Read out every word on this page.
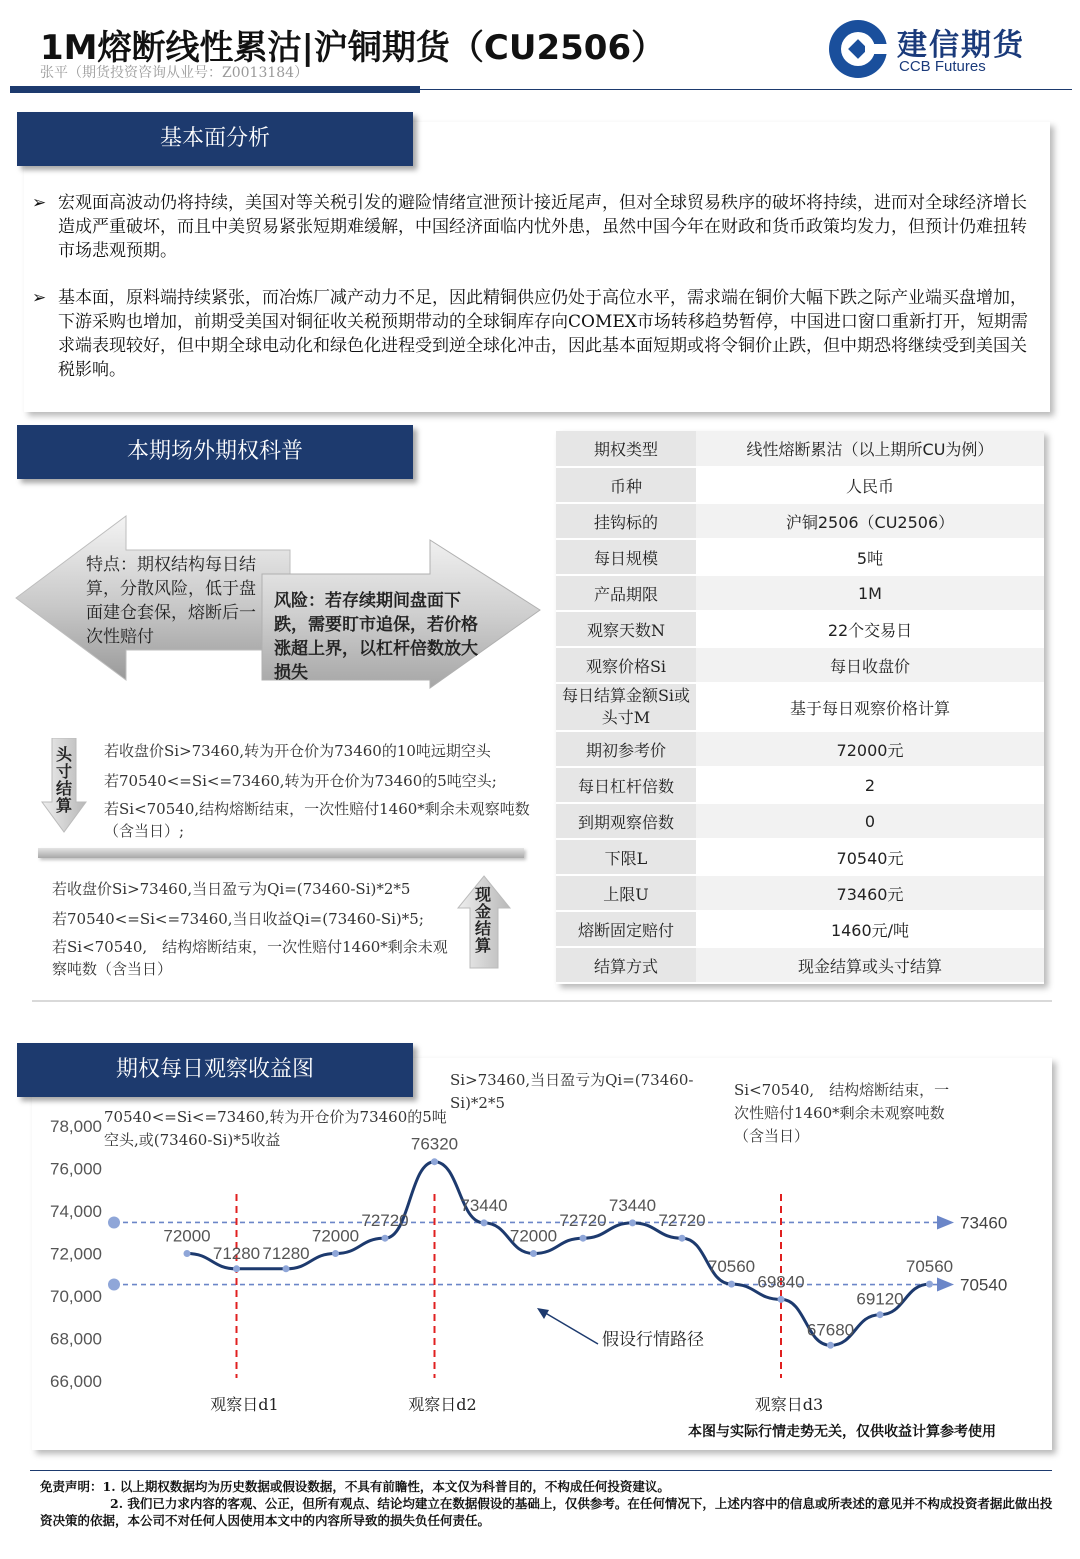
1M熔断线性累沽|沪铜期货（CU2506）
张平（期货投资咨询从业号：Z0013184）
建信期货
CCB Futures
基本面分析
➢ 宏观面高波动仍将持续，美国对等关税引发的避险情绪宣泄预计接近尾声，但对全球贸易秩序的破坏将持续，进而对全球经济增长造成严重破坏，而且中美贸易紧张短期难缓解，中国经济面临内忧外患，虽然中国今年在财政和货币政策均发力，但预计仍难扭转市场悲观预期。
➢ 基本面，原料端持续紧张，而冶炼厂减产动力不足，因此精铜供应仍处于高位水平，需求端在铜价大幅下跌之际产业端买盘增加，下游采购也增加，前期受美国对铜征收关税预期带动的全球铜库存向COMEX市场转移趋势暂停，中国进口窗口重新打开，短期需求端表现较好，但中期全球电动化和绿色化进程受到逆全球化冲击，因此基本面短期或将令铜价止跌，但中期恐将继续受到美国关税影响。
本期场外期权科普
特点：期权结构每日结算，分散风险，低于盘面建仓套保，熔断后一次性赔付
风险：若存续期间盘面下跌，需要盯市追保，若价格涨超上界，以杠杆倍数放大损失
头寸结算
若收盘价Si>73460,转为开仓价为73460的10吨远期空头
若70540<=Si<=73460,转为开仓价为73460的5吨空头;
若Si<70540,结构熔断结束，一次性赔付1460*剩余未观察吨数（含当日）;
若收盘价Si>73460,当日盈亏为Qi=(73460-Si)*2*5
若70540<=Si<=73460,当日收益Qi=(73460-Si)*5;
若Si<70540,　结构熔断结束，一次性赔付1460*剩余未观察吨数（含当日）
现金结算
期权类型	线性熔断累沽（以上期所CU为例）
币种	人民币
挂钩标的	沪铜2506（CU2506）
每日规模	5吨
产品期限	1M
观察天数N	22个交易日
观察价格Si	每日收盘价
每日结算金额Si或头寸M	基于每日观察价格计算
期初参考价	72000元
每日杠杆倍数	2
到期观察倍数	0
下限L	70540元
上限U	73460元
熔断固定赔付	1460元/吨
结算方式	现金结算或头寸结算
期权每日观察收益图
66,000
68,000
70,000
72,000
74,000
76,000
78,000
73460
70540
观察日d1	观察日d2	观察日d3
72000
71280 71280
72000
72720
76320
73440
72000
72720
73440
72720
70560
69840
67680
69120
70560
70540<=Si<=73460,转为开仓价为73460的5吨空头,或(73460-Si)*5收益
Si>73460,当日盈亏为Qi=(73460-Si)*2*5
Si<70540,　结构熔断结束，一次性赔付1460*剩余未观察吨数（含当日）
假设行情路径
本图与实际行情走势无关，仅供收益计算参考使用
免责声明：1. 以上期权数据均为历史数据或假设数据，不具有前瞻性，本文仅为科普目的，不构成任何投资建议。
2. 我们已力求内容的客观、公正，但所有观点、结论均建立在数据假设的基础上，仅供参考。在任何情况下，上述内容中的信息或所表述的意见并不构成投资者据此做出投资决策的依据，本公司不对任何人因使用本文中的内容所导致的损失负任何责任。
